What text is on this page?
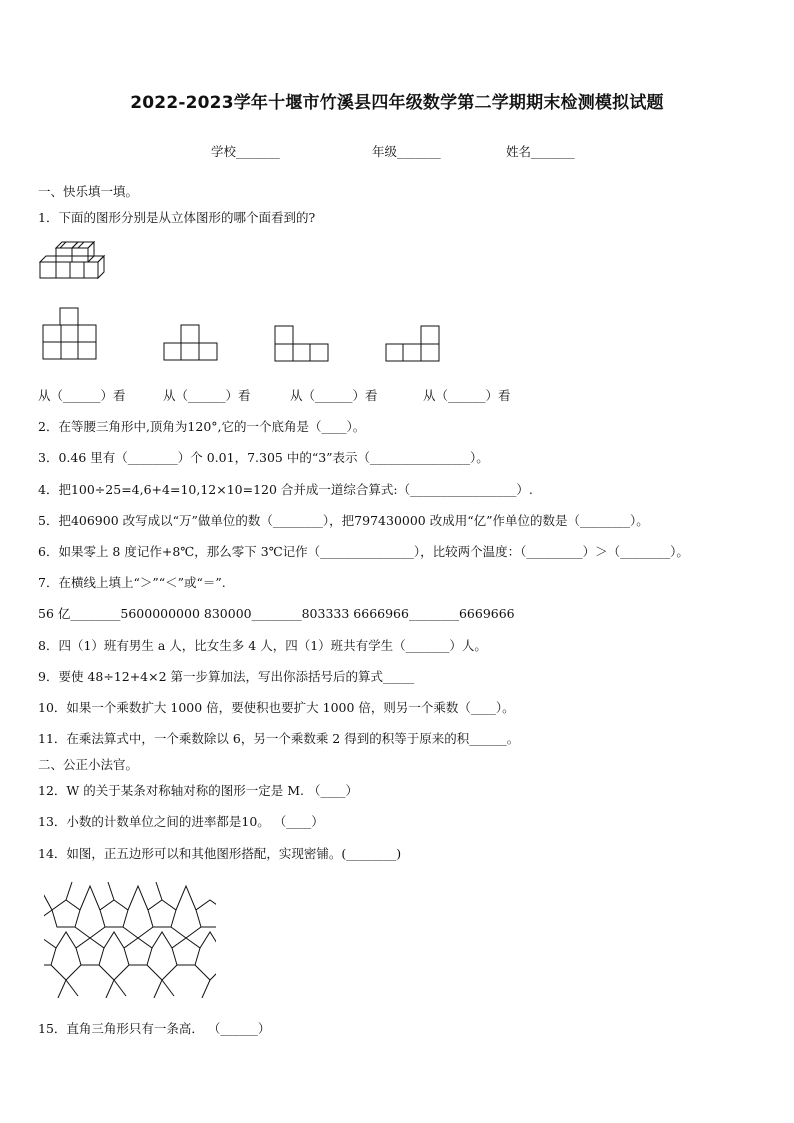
2022-2023学年十堰市竹溪县四年级数学第二学期期末检测模拟试题
学校_______	年级_______	姓名_______
一、快乐填一填。
1．下面的图形分别是从立体图形的哪个面看到的?
从（______）看	从（______）看	从（______）看	从（______）看
2．在等腰三角形中,顶角为120°,它的一个底角是（____）。
3．0.46 里有（________）个 0.01，7.305 中的“3”表示（________________）。
4．把100÷25=4,6+4=10,12×10=120 合并成一道综合算式:（_________________）.
5．把406900 改写成以“万”做单位的数（________），把797430000 改成用“亿”作单位的数是（________）。
6．如果零上 8 度记作+8℃，那么零下 3℃记作（_______________），比较两个温度：（_________）＞（________）。
7．在横线上填上“＞”“＜”或“＝”.
56 亿________5600000000 830000________803333 6666966________6669666
8．四（1）班有男生 a 人，比女生多 4 人，四（1）班共有学生（_______）人。
9．要使 48÷12+4×2 第一步算加法，写出你添括号后的算式_____
10．如果一个乘数扩大 1000 倍，要使积也要扩大 1000 倍，则另一个乘数（____）。
11．在乘法算式中，一个乘数除以 6，另一个乘数乘 2 得到的积等于原来的积______。
二、公正小法官。
12．W 的关于某条对称轴对称的图形一定是 M. （____）
13．小数的计数单位之间的进率都是10。 （____）
14．如图，正五边形可以和其他图形搭配，实现密铺。(________)
15．直角三角形只有一条高． （______）
